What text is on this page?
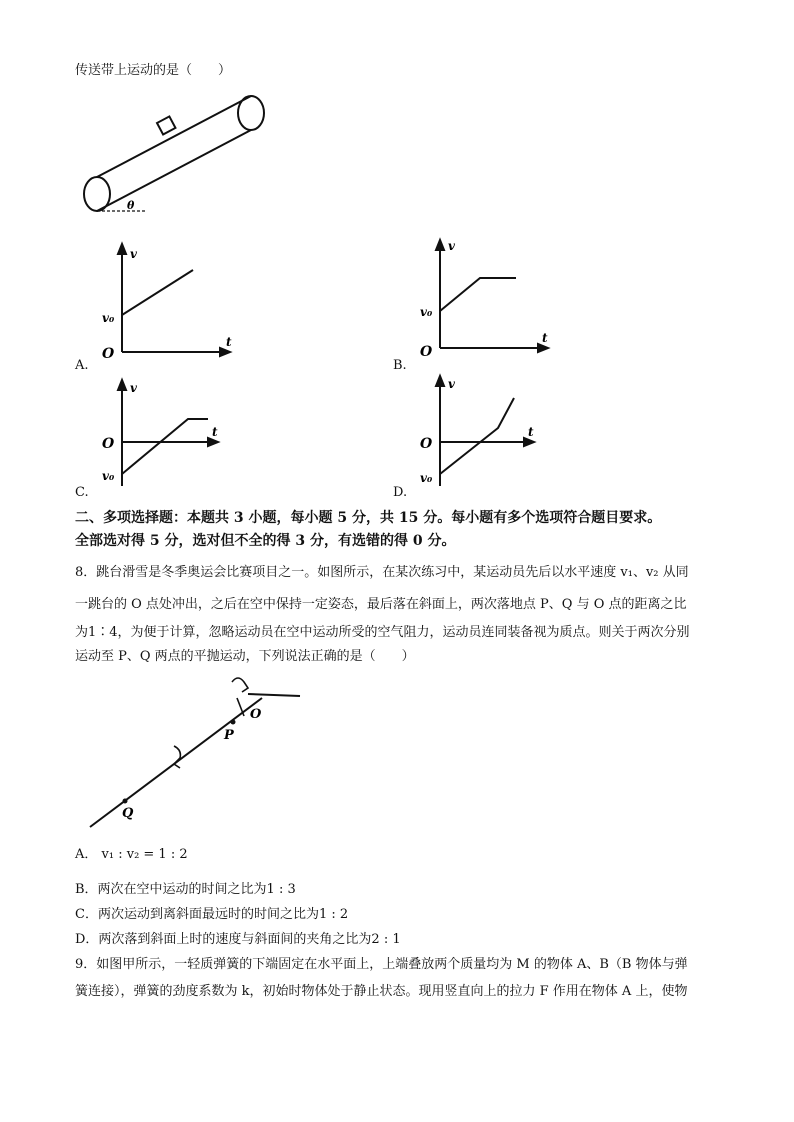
传送带上运动的是（　　）
θ
v
t
O
v₀
A.
v
t
O
v₀
B.
v
t
O
v₀
C.
v
t
O
v₀
D.
二、多项选择题：本题共 3 小题，每小题 5 分，共 15 分。每小题有多个选项符合题目要求。
全部选对得 5 分，选对但不全的得 3 分，有选错的得 0 分。
8．跳台滑雪是冬季奥运会比赛项目之一。如图所示，在某次练习中，某运动员先后以水平速度 v₁、v₂ 从同
一跳台的 O 点处冲出，之后在空中保持一定姿态，最后落在斜面上，两次落地点 P、Q 与 O 点的距离之比
为1∶4，为便于计算，忽略运动员在空中运动所受的空气阻力，运动员连同装备视为质点。则关于两次分别
运动至 P、Q 两点的平抛运动，下列说法正确的是（　　）
O
P
Q
A． v₁ : v₂ = 1 : 2
B．两次在空中运动的时间之比为1 : 3
C．两次运动到离斜面最远时的时间之比为1 : 2
D．两次落到斜面上时的速度与斜面间的夹角之比为2 : 1
9．如图甲所示，一轻质弹簧的下端固定在水平面上，上端叠放两个质量均为 M 的物体 A、B（B 物体与弹
簧连接），弹簧的劲度系数为 k，初始时物体处于静止状态。现用竖直向上的拉力 F 作用在物体 A 上，使物
